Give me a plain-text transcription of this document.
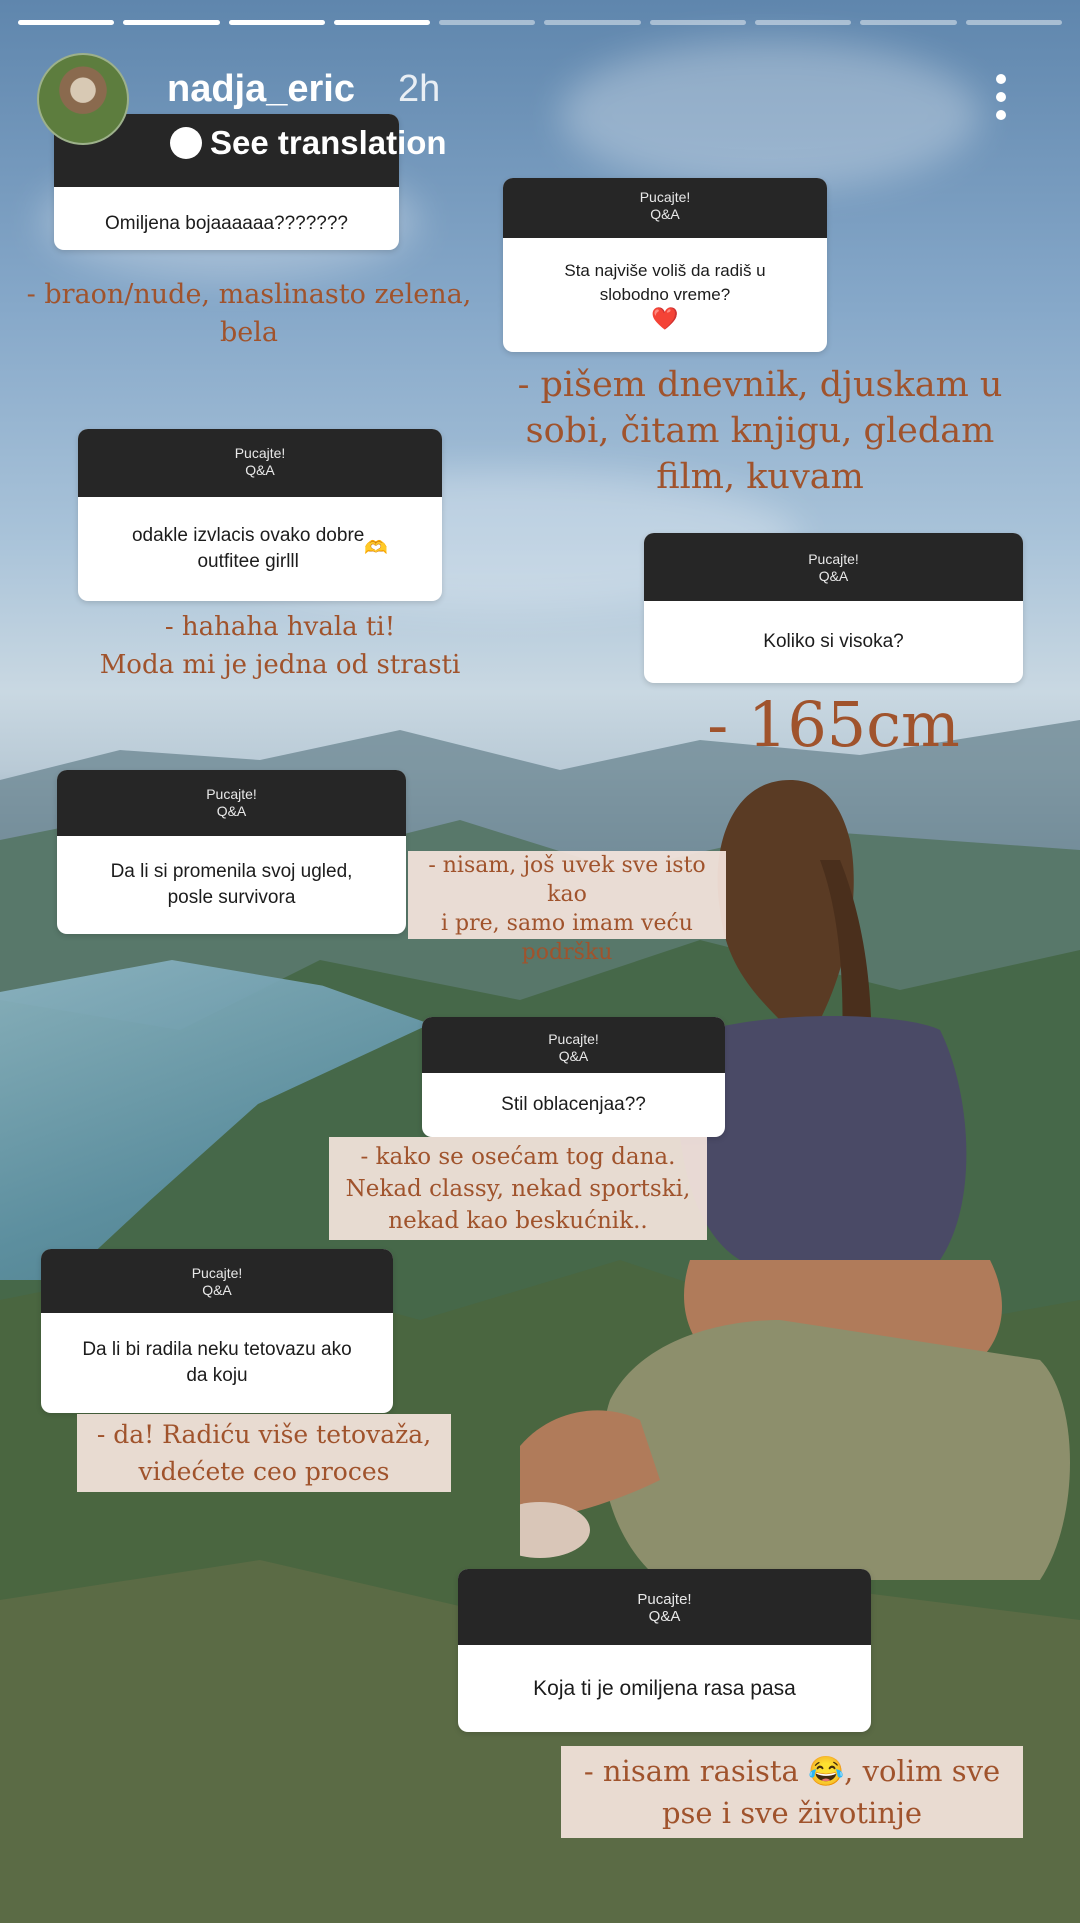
Omiljena bojaaaaaa???????
nadja_eric 2h
See translation
- braon/nude, maslinasto zelena,
bela
Pucajte!
Q&A
Sta najviše voliš da radiš u
slobodno vreme?
❤️
- pišem dnevnik, djuskam u
sobi, čitam knjigu, gledam
film, kuvam
Pucajte!
Q&A
odakle izvlacis ovako dobre
outfitee girlll
🫶
- hahaha hvala ti!
Moda mi je jedna od strasti
Pucajte!
Q&A
Koliko si visoka?
- 165cm
Pucajte!
Q&A
Da li si promenila svoj ugled,
posle survivora
- nisam, još uvek sve isto kao
i pre, samo imam veću
podršku
Pucajte!
Q&A
Stil oblacenjaa??
- kako se osećam tog dana.
Nekad classy, nekad sportski,
nekad kao beskućnik..
Pucajte!
Q&A
Da li bi radila neku tetovazu ako
da koju
- da! Radiću više tetovaža,
videćete ceo proces
Pucajte!
Q&A
Koja ti je omiljena rasa pasa
- nisam rasista 😂, volim sve
pse i sve životinje
